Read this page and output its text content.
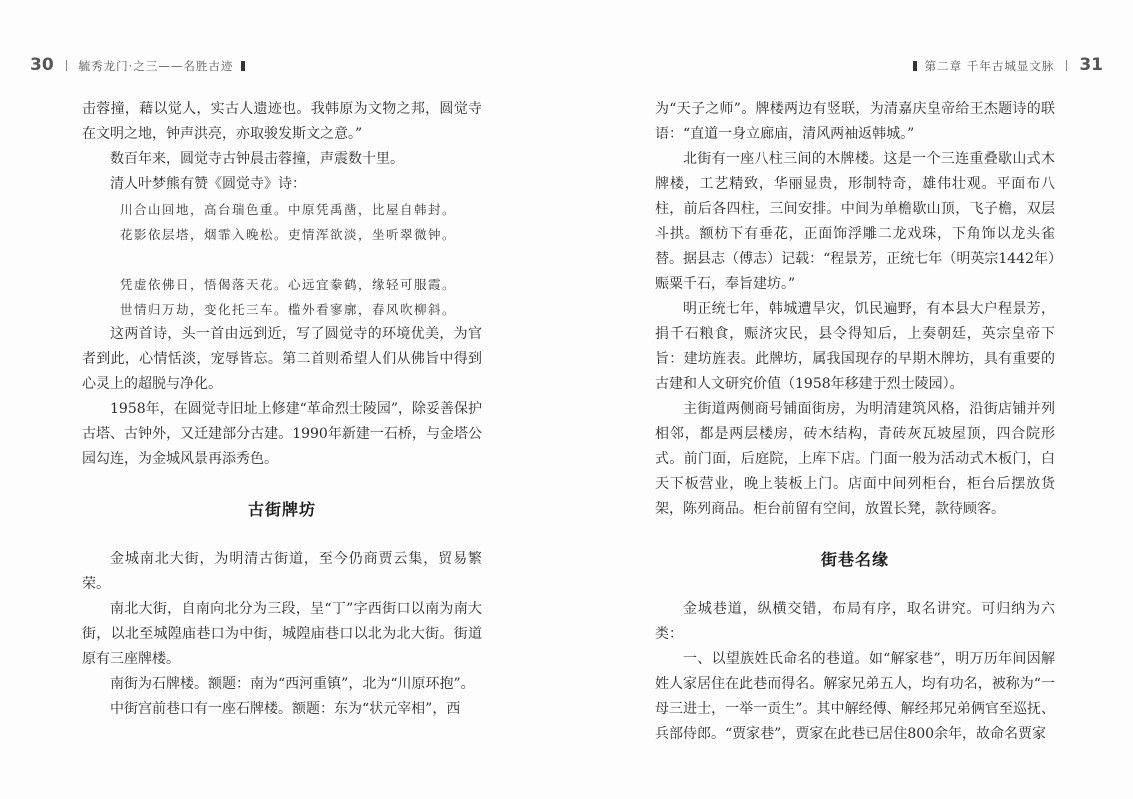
30 毓秀龙门·之三——名胜古迹

击蓉撞，藉以觉人，实古人遗迹也。我韩原为文物之邦，圆觉寺在文明之地，钟声洪亮，亦取骏发斯文之意。”

数百年来，圆觉寺古钟晨击蓉撞，声震数十里。

清人叶梦熊有赞《圆觉寺》诗：

川合山回地，高台瑞色重。中原凭禹凿，比屋自韩封。

花影依层塔，烟霏入晚松。吏情浑欲淡，坐听翠微钟。

凭虚依佛日，悟偈落天花。心远宜豢鹤，缘轻可服霞。

世情归万劫，变化托三车。槛外看寥廓，春风吹柳斜。

这两首诗，头一首由远到近，写了圆觉寺的环境优美，为官者到此，心情恬淡，宠辱皆忘。第二首则希望人们从佛旨中得到心灵上的超脱与净化。

1958年，在圆觉寺旧址上修建“革命烈士陵园”，除妥善保护古塔、古钟外，又迁建部分古建。1990年新建一石桥，与金塔公园勾连，为金城风景再添秀色。

古街牌坊

金城南北大街，为明清古街道，至今仍商贾云集，贸易繁荣。

南北大街，自南向北分为三段，呈“丁”字西街口以南为南大街，以北至城隍庙巷口为中街，城隍庙巷口以北为北大街。街道原有三座牌楼。

南街为石牌楼。额题：南为“西河重镇”，北为“川原环抱”。

中街宫前巷口有一座石牌楼。额题：东为“状元宰相”，西

第二章 千年古城显文脉 31

为“天子之师”。牌楼两边有竖联，为清嘉庆皇帝给王杰题诗的联语：“直道一身立廊庙，清风两袖返韩城。”

北街有一座八柱三间的木牌楼。这是一个三连重叠歇山式木牌楼，工艺精致，华丽显贵，形制特奇，雄伟壮观。平面布八柱，前后各四柱，三间安排。中间为单檐歇山顶，飞子檐，双层斗拱。额枋下有垂花，正面饰浮雕二龙戏珠，下角饰以龙头雀替。据县志（傅志）记载：“程景芳，正统七年（明英宗1442年）赈粟千石，奉旨建坊。”

明正统七年，韩城遭旱灾，饥民遍野，有本县大户程景芳，捐千石粮食，赈济灾民，县令得知后，上奏朝廷，英宗皇帝下旨：建坊旌表。此牌坊，属我国现存的早期木牌坊，具有重要的古建和人文研究价值（1958年移建于烈士陵园）。

主街道两侧商号铺面街房，为明清建筑风格，沿街店铺并列相邻，都是两层楼房，砖木结构，青砖灰瓦坡屋顶，四合院形式。前门面，后庭院，上库下店。门面一般为活动式木板门，白天下板营业，晚上装板上门。店面中间列柜台，柜台后摆放货架，陈列商品。柜台前留有空间，放置长凳，款待顾客。

街巷名缘

金城巷道，纵横交错，布局有序，取名讲究。可归纳为六类：

一、以望族姓氏命名的巷道。如“解家巷”，明万历年间因解姓人家居住在此巷而得名。解家兄弟五人，均有功名，被称为“一母三进士，一举一贡生”。其中解经傅、解经邦兄弟俩官至巡抚、兵部侍郎。“贾家巷”，贾家在此巷已居住800余年，故命名贾家
